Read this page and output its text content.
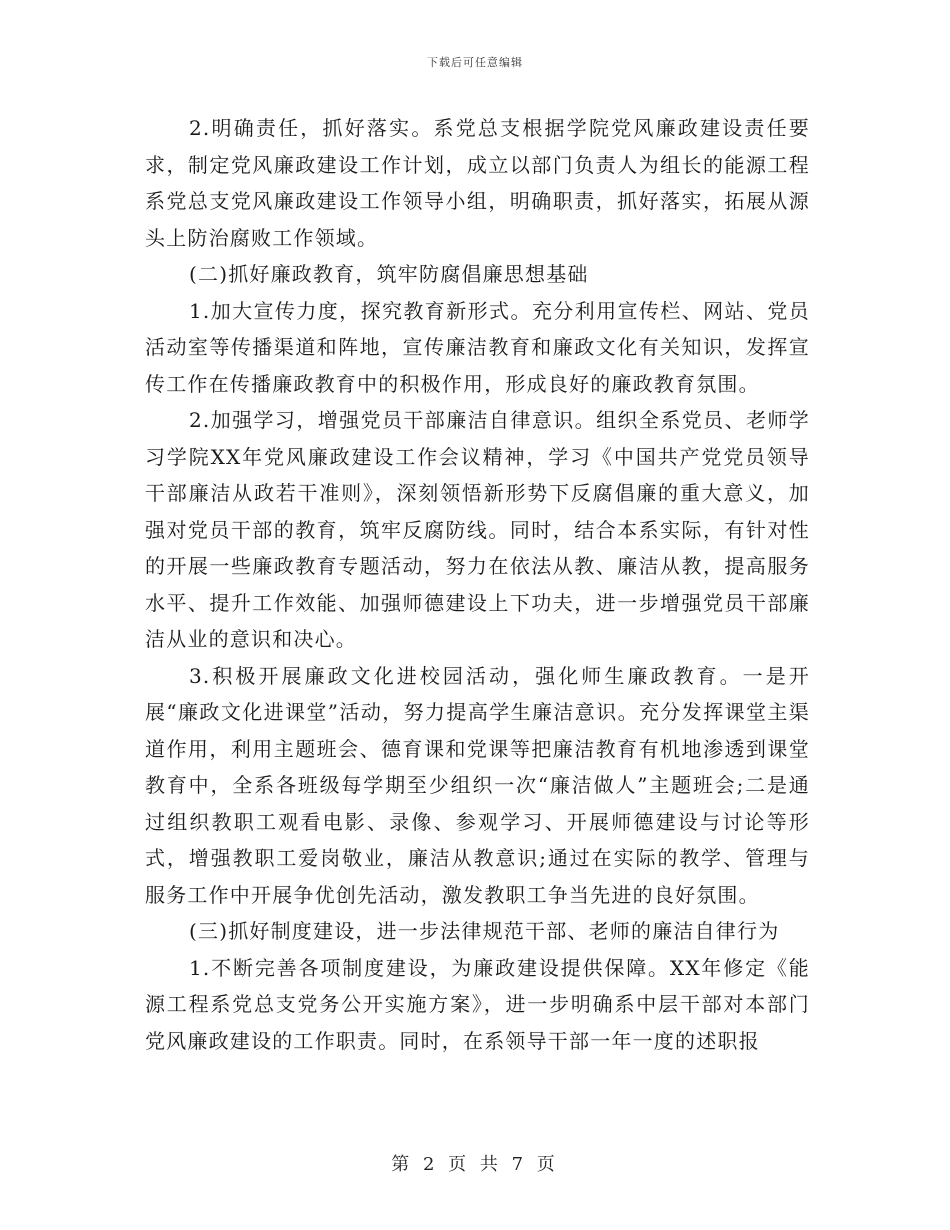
下载后可任意编辑

2.明确责任，抓好落实。系党总支根据学院党风廉政建设责任要求，制定党风廉政建设工作计划，成立以部门负责人为组长的能源工程系党总支党风廉政建设工作领导小组，明确职责，抓好落实，拓展从源头上防治腐败工作领域。

(二)抓好廉政教育，筑牢防腐倡廉思想基础

1.加大宣传力度，探究教育新形式。充分利用宣传栏、网站、党员活动室等传播渠道和阵地，宣传廉洁教育和廉政文化有关知识，发挥宣传工作在传播廉政教育中的积极作用，形成良好的廉政教育氛围。

2.加强学习，增强党员干部廉洁自律意识。组织全系党员、老师学习学院XX年党风廉政建设工作会议精神，学习《中国共产党党员领导干部廉洁从政若干准则》，深刻领悟新形势下反腐倡廉的重大意义，加强对党员干部的教育，筑牢反腐防线。同时，结合本系实际，有针对性的开展一些廉政教育专题活动，努力在依法从教、廉洁从教，提高服务水平、提升工作效能、加强师德建设上下功夫，进一步增强党员干部廉洁从业的意识和决心。

3.积极开展廉政文化进校园活动，强化师生廉政教育。一是开展“廉政文化进课堂”活动，努力提高学生廉洁意识。充分发挥课堂主渠道作用，利用主题班会、德育课和党课等把廉洁教育有机地渗透到课堂教育中，全系各班级每学期至少组织一次“廉洁做人”主题班会;二是通过组织教职工观看电影、录像、参观学习、开展师德建设与讨论等形式，增强教职工爱岗敬业，廉洁从教意识;通过在实际的教学、管理与服务工作中开展争优创先活动，激发教职工争当先进的良好氛围。

(三)抓好制度建设，进一步法律规范干部、老师的廉洁自律行为

1.不断完善各项制度建设，为廉政建设提供保障。XX年修定《能源工程系党总支党务公开实施方案》，进一步明确系中层干部对本部门党风廉政建设的工作职责。同时，在系领导干部一年一度的述职报

第 2 页 共 7 页
